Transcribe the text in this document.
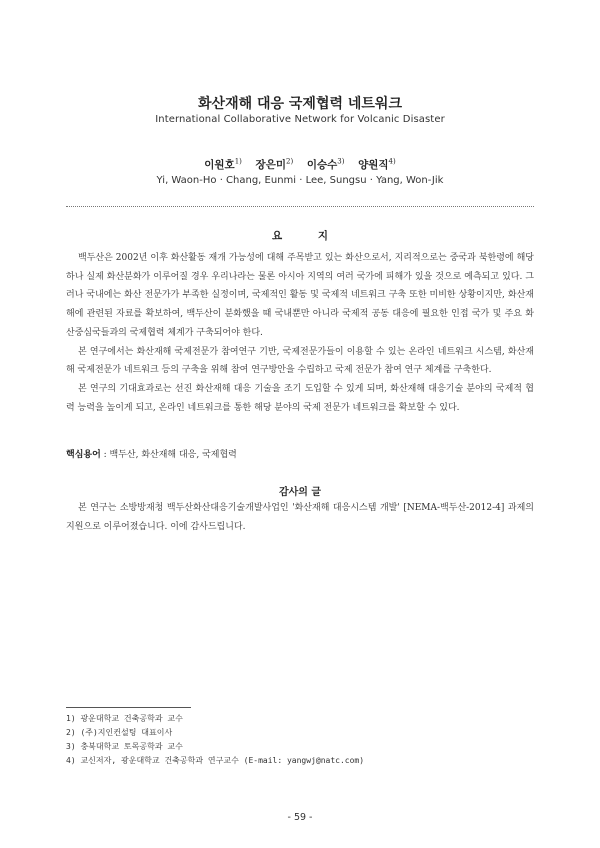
화산재해 대응 국제협력 네트워크
International Collaborative Network for Volcanic Disaster
이원호$^{1)}$ 장은미$^{2)}$ 이승수$^{3)}$ 양원직$^{4)}$
Yi, Waon-Ho · Chang, Eunmi · Lee, Sungsu · Yang, Won-Jik
요 지

백두산은 2002년 이후 화산활동 재개 가능성에 대해 주목받고 있는 화산으로서, 지리적으로는 중국과 북한령에 해당하나 실제 화산분화가 이루어질 경우 우리나라는 물론 아시아 지역의 여러 국가에 피해가 있을 것으로 예측되고 있다. 그러나 국내에는 화산 전문가가 부족한 실정이며, 국제적인 활동 및 국제적 네트워크 구축 또한 미비한 상황이지만, 화산재해에 관련된 자료를 확보하여, 백두산이 분화했을 때 국내뿐만 아니라 국제적 공동 대응에 필요한 인접 국가 및 주요 화산중심국들과의 국제협력 체계가 구축되어야 한다.

본 연구에서는 화산재해 국제전문가 참여연구 기반, 국제전문가들이 이용할 수 있는 온라인 네트워크 시스템, 화산재해 국제전문가 네트워크 등의 구축을 위해 참여 연구방안을 수립하고 국제 전문가 참여 연구 체계를 구축한다.

본 연구의 기대효과로는 선진 화산재해 대응 기술을 조기 도입할 수 있게 되며, 화산재해 대응기술 분야의 국제적 협력 능력을 높이게 되고, 온라인 네트워크를 통한 해당 분야의 국제 전문가 네트워크를 확보할 수 있다.

핵심용어 : 백두산, 화산재해 대응, 국제협력
감사의 글

본 연구는 소방방재청 백두산화산대응기술개발사업인 '화산재해 대응시스템 개발' [NEMA-백두산-2012-4] 과제의 지원으로 이루어졌습니다. 이에 감사드립니다.

1) 광운대학교 건축공학과 교수
2) (주)지인컨설팅 대표이사
3) 충북대학교 토목공학과 교수
4) 교신저자, 광운대학교 건축공학과 연구교수 (E-mail: yangwj@natc.com)
- 59 -
